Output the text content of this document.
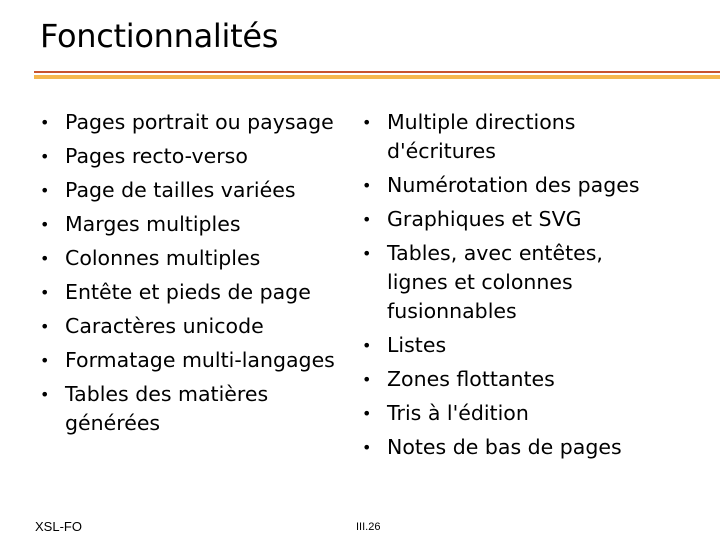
Fonctionnalités
• Pages portrait ou paysage
• Pages recto-verso
• Page de tailles variées
• Marges multiples
• Colonnes multiples
• Entête et pieds de page
• Caractères unicode
• Formatage multi-langages
• Tables des matières
générées
• Multiple directions
d'écritures
• Numérotation des pages
• Graphiques et SVG
• Tables, avec entêtes,
lignes et colonnes
fusionnables
• Listes
• Zones flottantes
• Tris à l'édition
• Notes de bas de pages
XSL-FO	III.26
